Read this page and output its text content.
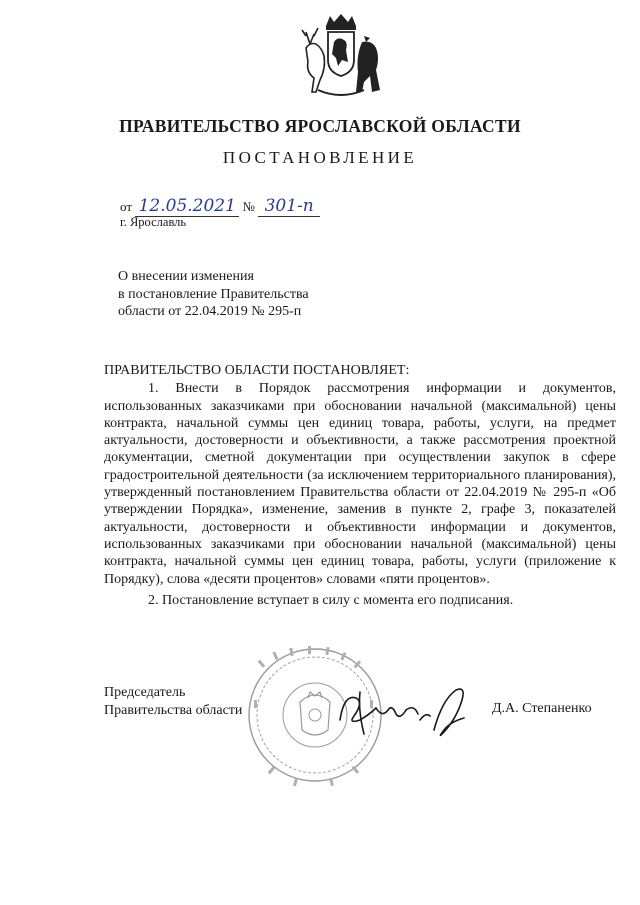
ПРАВИТЕЛЬСТВО ЯРОСЛАВСКОЙ ОБЛАСТИ
ПОСТАНОВЛЕНИЕ
от 12.05.2021 № 301-п
г. Ярославль
О внесении изменения
в постановление Правительства
области от 22.04.2019 № 295-п
ПРАВИТЕЛЬСТВО ОБЛАСТИ ПОСТАНОВЛЯЕТ:

1. Внести в Порядок рассмотрения информации и документов, использованных заказчиками при обосновании начальной (максимальной) цены контракта, начальной суммы цен единиц товара, работы, услуги, на предмет актуальности, достоверности и объективности, а также рассмотрения проектной документации, сметной документации при осуществлении закупок в сфере градостроительной деятельности (за исключением территориального планирования), утвержденный постановлением Правительства области от 22.04.2019 № 295-п «Об утверждении Порядка», изменение, заменив в пункте 2, графе 3, показателей актуальности, достоверности и объективности информации и документов, использованных заказчиками при обосновании начальной (максимальной) цены контракта, начальной суммы цен единиц товара, работы, услуги (приложение к Порядку), слова «десяти процентов» словами «пяти процентов».

2. Постановление вступает в силу с момента его подписания.

Председатель
Правительства области	Д.А. Степаненко
